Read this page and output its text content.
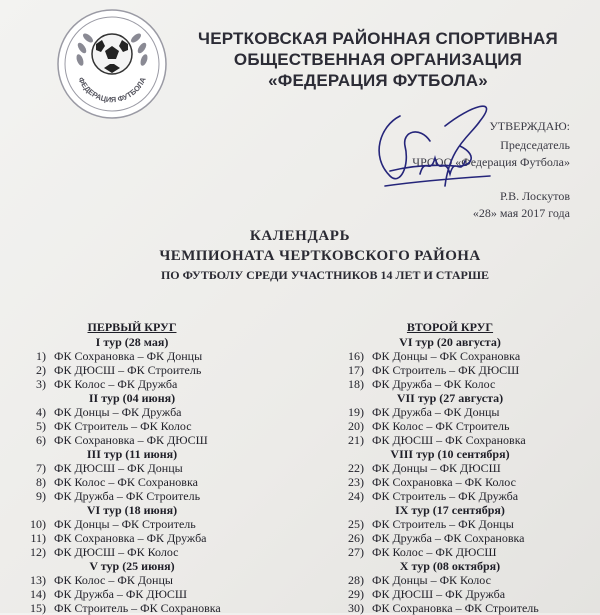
ФЕДЕРАЦИЯ ФУТБОЛА
ЧЕРТКОВСКАЯ РАЙОННАЯ СПОРТИВНАЯ
ОБЩЕСТВЕННАЯ ОРГАНИЗАЦИЯ
«ФЕДЕРАЦИЯ ФУТБОЛА»
УТВЕРЖДАЮ:
Председатель
ЧРСОО «Федерация Футбола»
Р.В. Лоскутов
«28» мая 2017 года
КАЛЕНДАРЬ
ЧЕМПИОНАТА ЧЕРТКОВСКОГО РАЙОНА
ПО ФУТБОЛУ СРЕДИ УЧАСТНИКОВ 14 ЛЕТ И СТАРШЕ
ПЕРВЫЙ КРУГ
I тур (28 мая)
1) ФК Сохрановка – ФК Донцы
2) ФК ДЮСШ – ФК Строитель
3) ФК Колос – ФК Дружба
II тур (04 июня)
4) ФК Донцы – ФК Дружба
5) ФК Строитель – ФК Колос
6) ФК Сохрановка – ФК ДЮСШ
III тур (11 июня)
7) ФК ДЮСШ – ФК Донцы
8) ФК Колос – ФК Сохрановка
9) ФК Дружба – ФК Строитель
VI тур (18 июня)
10) ФК Донцы – ФК Строитель
11) ФК Сохрановка – ФК Дружба
12) ФК ДЮСШ – ФК Колос
V тур (25 июня)
13) ФК Колос – ФК Донцы
14) ФК Дружба – ФК ДЮСШ
15) ФК Строитель – ФК Сохрановка
ВТОРОЙ КРУГ
VI тур (20 августа)
16) ФК Донцы – ФК Сохрановка
17) ФК Строитель – ФК ДЮСШ
18) ФК Дружба – ФК Колос
VII тур (27 августа)
19) ФК Дружба – ФК Донцы
20) ФК Колос – ФК Строитель
21) ФК ДЮСШ – ФК Сохрановка
VIII тур (10 сентября)
22) ФК Донцы – ФК ДЮСШ
23) ФК Сохрановка – ФК Колос
24) ФК Строитель – ФК Дружба
IX тур (17 сентября)
25) ФК Строитель – ФК Донцы
26) ФК Дружба – ФК Сохрановка
27) ФК Колос – ФК ДЮСШ
X тур (08 октября)
28) ФК Донцы – ФК Колос
29) ФК ДЮСШ – ФК Дружба
30) ФК Сохрановка – ФК Строитель
